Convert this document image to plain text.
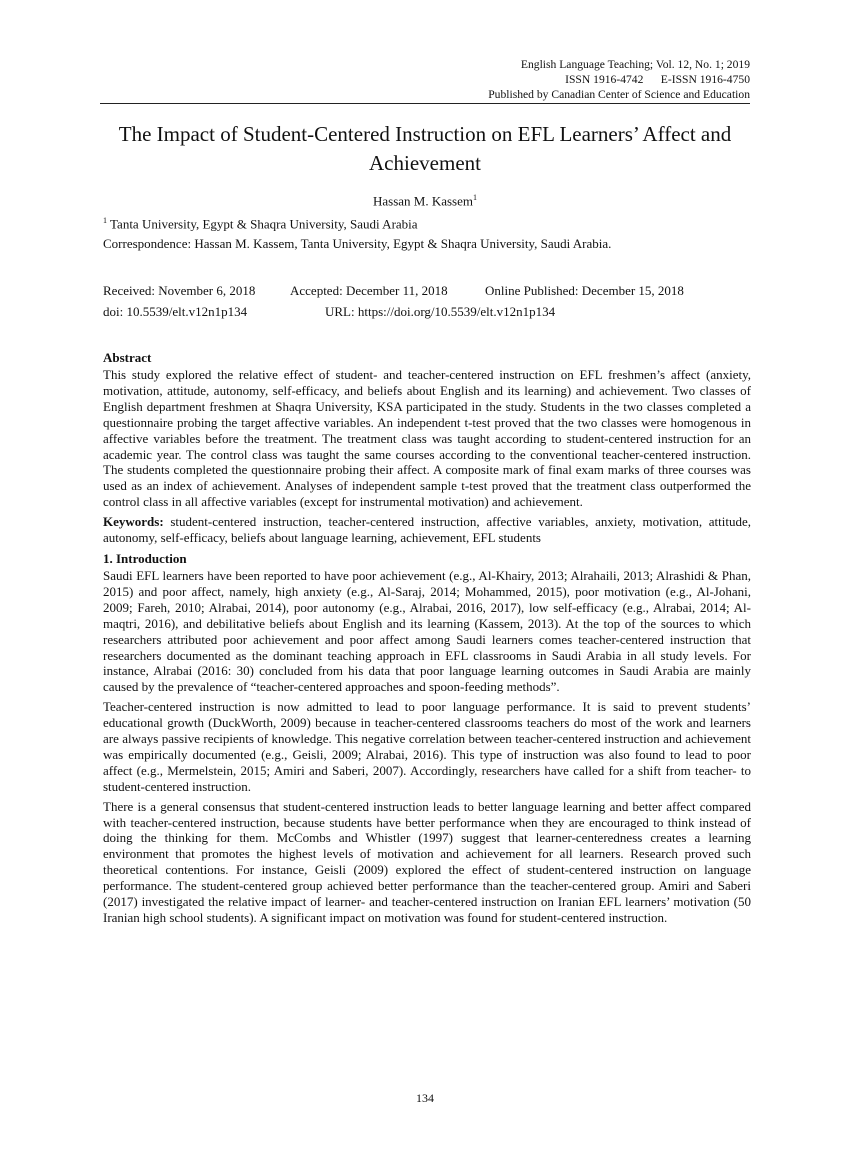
English Language Teaching; Vol. 12, No. 1; 2019
ISSN 1916-4742      E-ISSN 1916-4750
Published by Canadian Center of Science and Education
The Impact of Student-Centered Instruction on EFL Learners’ Affect and Achievement
Hassan M. Kassem$^1$
$^1$ Tanta University, Egypt & Shaqra University, Saudi Arabia
Correspondence: Hassan M. Kassem, Tanta University, Egypt & Shaqra University, Saudi Arabia.
Received: November 6, 2018	Accepted: December 11, 2018	Online Published: December 15, 2018
doi: 10.5539/elt.v12n1p134	URL: https://doi.org/10.5539/elt.v12n1p134
Abstract

This study explored the relative effect of student- and teacher-centered instruction on EFL freshmen’s affect (anxiety, motivation, attitude, autonomy, self-efficacy, and beliefs about English and its learning) and achievement. Two classes of English department freshmen at Shaqra University, KSA participated in the study. Students in the two classes completed a questionnaire probing the target affective variables. An independent t-test proved that the two classes were homogenous in affective variables before the treatment. The treatment class was taught according to student-centered instruction for an academic year. The control class was taught the same courses according to the conventional teacher-centered instruction. The students completed the questionnaire probing their affect. A composite mark of final exam marks of three courses was used as an index of achievement. Analyses of independent sample t-test proved that the treatment class outperformed the control class in all affective variables (except for instrumental motivation) and achievement.

Keywords: student-centered instruction, teacher-centered instruction, affective variables, anxiety, motivation, attitude, autonomy, self-efficacy, beliefs about language learning, achievement, EFL students

1. Introduction

Saudi EFL learners have been reported to have poor achievement (e.g., Al-Khairy, 2013; Alrahaili, 2013; Alrashidi & Phan, 2015) and poor affect, namely, high anxiety (e.g., Al-Saraj, 2014; Mohammed, 2015), poor motivation (e.g., Al-Johani, 2009; Fareh, 2010; Alrabai, 2014), poor autonomy (e.g., Alrabai, 2016, 2017), low self-efficacy (e.g., Alrabai, 2014; Al-maqtri, 2016), and debilitative beliefs about English and its learning (Kassem, 2013). At the top of the sources to which researchers attributed poor achievement and poor affect among Saudi learners comes teacher-centered instruction that researchers documented as the dominant teaching approach in EFL classrooms in Saudi Arabia in all study levels. For instance, Alrabai (2016: 30) concluded from his data that poor language learning outcomes in Saudi Arabia are mainly caused by the prevalence of “teacher-centered approaches and spoon-feeding methods”.

Teacher-centered instruction is now admitted to lead to poor language performance. It is said to prevent students’ educational growth (DuckWorth, 2009) because in teacher-centered classrooms teachers do most of the work and learners are always passive recipients of knowledge. This negative correlation between teacher-centered instruction and achievement was empirically documented (e.g., Geisli, 2009; Alrabai, 2016). This type of instruction was also found to lead to poor affect (e.g., Mermelstein, 2015; Amiri and Saberi, 2007). Accordingly, researchers have called for a shift from teacher- to student-centered instruction.

There is a general consensus that student-centered instruction leads to better language learning and better affect compared with teacher-centered instruction, because students have better performance when they are encouraged to think instead of doing the thinking for them. McCombs and Whistler (1997) suggest that learner-centeredness creates a learning environment that promotes the highest levels of motivation and achievement for all learners. Research proved such theoretical contentions. For instance, Geisli (2009) explored the effect of student-centered instruction on language performance. The student-centered group achieved better performance than the teacher-centered group. Amiri and Saberi (2017) investigated the relative impact of learner- and teacher-centered instruction on Iranian EFL learners’ motivation (50 Iranian high school students). A significant impact on motivation was found for student-centered instruction.

134
